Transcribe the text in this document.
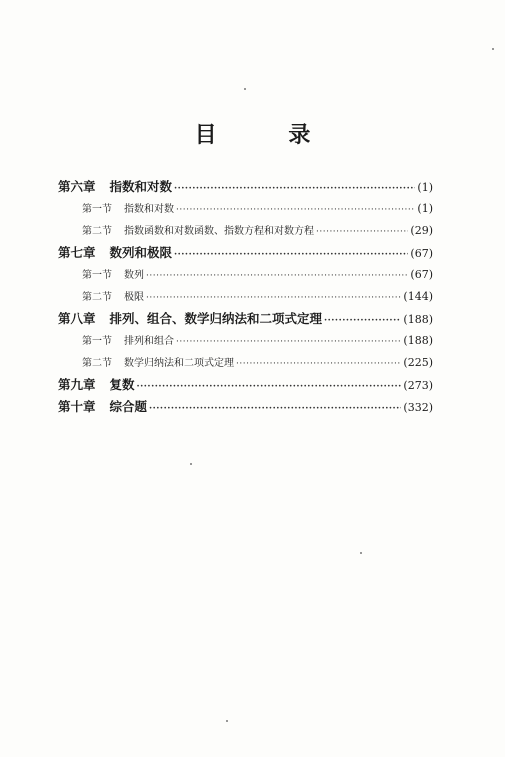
目 录
第六章 指数和对数 ·····	(1)
第一节 指数和对数 ·····	(1)
第二节 指数函数和对数函数、指数方程和对数方程 ·····	(29)
第七章 数列和极限 ·····	(67)
第一节 数列 ·····	(67)
第二节 极限 ·····	(144)
第八章 排列、组合、数学归纳法和二项式定理 ·····	(188)
第一节 排列和组合 ·····	(188)
第二节 数学归纳法和二项式定理 ·····	(225)
第九章 复数 ·····	(273)
第十章 综合题 ·····	(332)
